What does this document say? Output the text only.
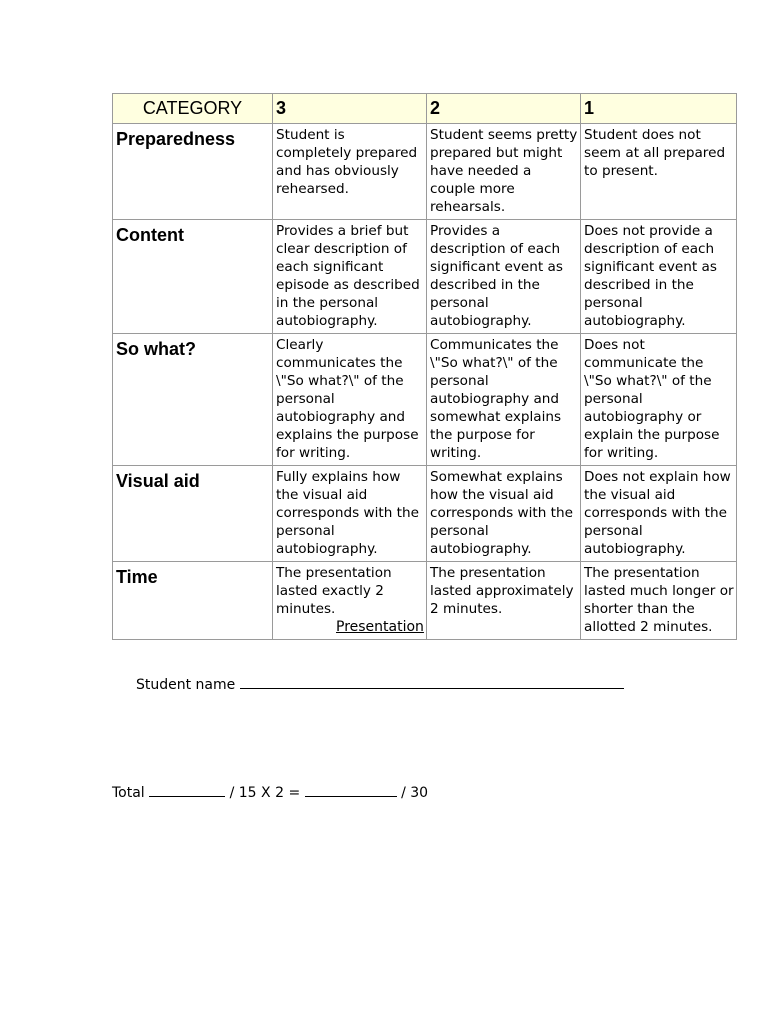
CATEGORY	3	2	1
Preparedness	Student is completely prepared and has obviously rehearsed.	Student seems pretty prepared but might have needed a couple more rehearsals.	Student does not seem at all prepared to present.
Content	Provides a brief but clear description of each significant episode as described in the personal autobiography.	Provides a description of each significant event as described in the personal autobiography.	Does not provide a description of each significant event as described in the personal autobiography.
So what?	Clearly communicates the \"So what?\" of the personal autobiography and explains the purpose for writing.	Communicates the \"So what?\" of the personal autobiography and somewhat explains the purpose for writing.	Does not communicate the \"So what?\" of the personal autobiography or explain the purpose for writing.
Visual aid	Fully explains how the visual aid corresponds with the personal autobiography.	Somewhat explains how the visual aid corresponds with the personal autobiography.	Does not explain how the visual aid corresponds with the personal autobiography.
Time	The presentation lasted exactly 2 minutes.	The presentation lasted approximately 2 minutes.	The presentation lasted much longer or shorter than the allotted 2 minutes.
Presentation
Student name
Total	/ 15 X 2 =	/ 30
